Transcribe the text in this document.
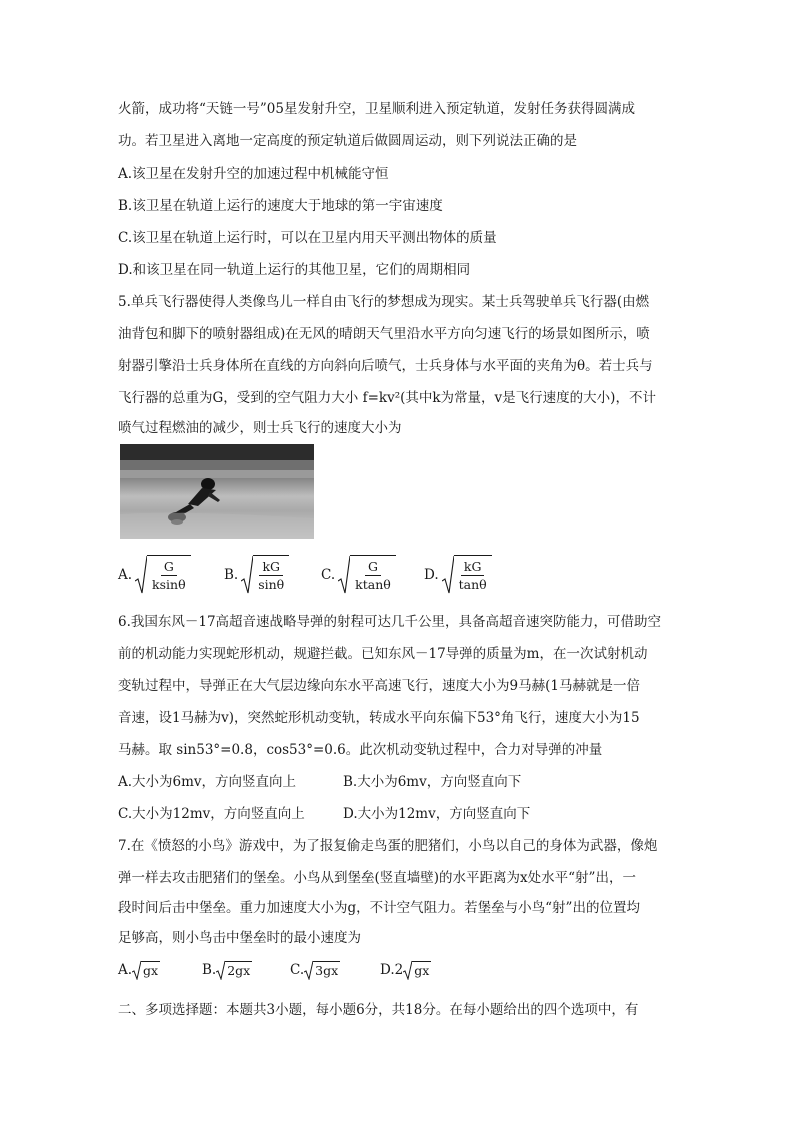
火箭，成功将“天链一号”05星发射升空，卫星顺利进入预定轨道，发射任务获得圆满成
功。若卫星进入离地一定高度的预定轨道后做圆周运动，则下列说法正确的是
A.该卫星在发射升空的加速过程中机械能守恒
B.该卫星在轨道上运行的速度大于地球的第一宇宙速度
C.该卫星在轨道上运行时，可以在卫星内用天平测出物体的质量
D.和该卫星在同一轨道上运行的其他卫星，它们的周期相同
5.单兵飞行器使得人类像鸟儿一样自由飞行的梦想成为现实。某士兵驾驶单兵飞行器(由燃
油背包和脚下的喷射器组成)在无风的晴朗天气里沿水平方向匀速飞行的场景如图所示，喷
射器引擎沿士兵身体所在直线的方向斜向后喷气，士兵身体与水平面的夹角为θ。若士兵与
飞行器的总重为G，受到的空气阻力大小 f=kv²(其中k为常量，v是飞行速度的大小)，不计
喷气过程燃油的减少，则士兵飞行的速度大小为
A. $\frac{G}{ksin\theta} B$. $\frac{kG}{\sin\theta} C$. $\frac{G}{ktan\theta} D$. $\frac{kG}{\tan\theta}$
6.我国东风－17高超音速战略导弹的射程可达几千公里，具备高超音速突防能力，可借助空
前的机动能力实现蛇形机动，规避拦截。已知东风－17导弹的质量为m，在一次试射机动
变轨过程中，导弹正在大气层边缘向东水平高速飞行，速度大小为9马赫(1马赫就是一倍
音速，设1马赫为v)，突然蛇形机动变轨，转成水平向东偏下53°角飞行，速度大小为15
马赫。取 sin53°=0.8，cos53°=0.6。此次机动变轨过程中，合力对导弹的冲量
A.大小为6mv，方向竖直向上	B.大小为6mv，方向竖直向下
C.大小为12mv，方向竖直向上	D.大小为12mv，方向竖直向下
7.在《愤怒的小鸟》游戏中，为了报复偷走鸟蛋的肥猪们，小鸟以自己的身体为武器，像炮
弹一样去攻击肥猪们的堡垒。小鸟从到堡垒(竖直墙壁)的水平距离为x处水平“射”出，一
段时间后击中堡垒。重力加速度大小为g，不计空气阻力。若堡垒与小鸟“射”出的位置均
足够高，则小鸟击中堡垒时的最小速度为
A. gx	B. 2gx	C. 3gx	D. 2 gx
二、多项选择题：本题共3小题，每小题6分，共18分。在每小题给出的四个选项中，有
